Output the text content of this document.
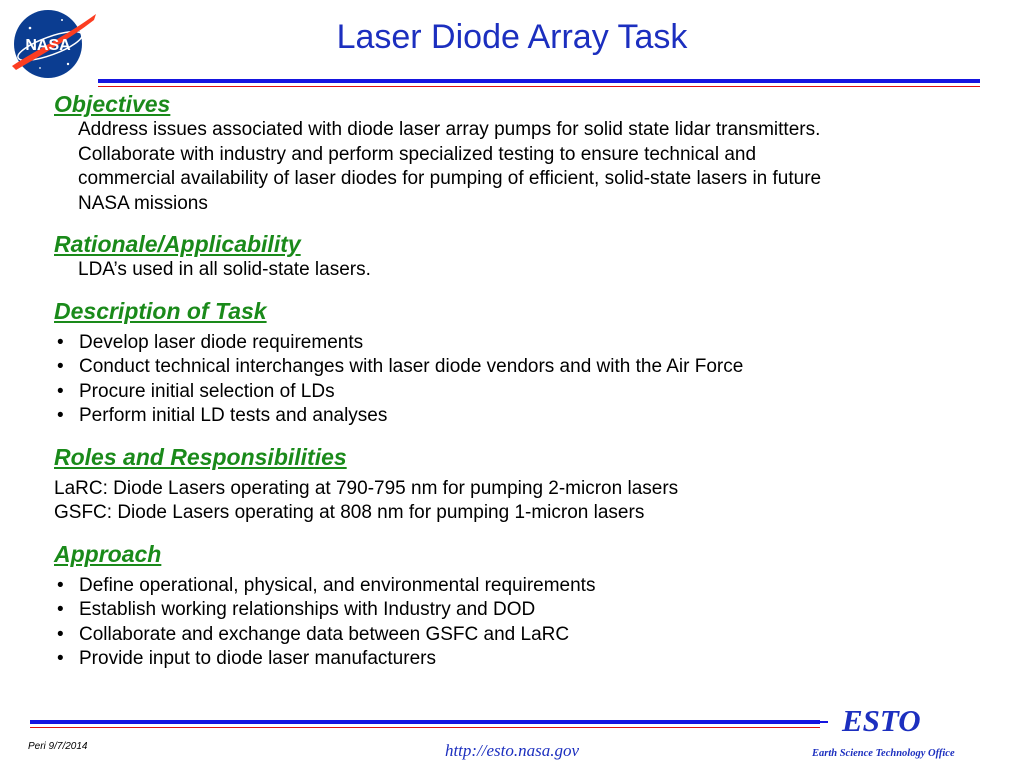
NASA	Laser Diode Array Task

Objectives

Address issues associated with diode laser array pumps for solid state lidar transmitters.

Collaborate with industry and perform specialized testing to ensure technical and

commercial availability of laser diodes for pumping of efficient, solid-state lasers in future

NASA missions

Rationale/Applicability

LDA’s used in all solid-state lasers.

Description of Task

• Develop laser diode requirements
• Conduct technical interchanges with laser diode vendors and with the Air Force
• Procure initial selection of LDs
• Perform initial LD tests and analyses

Roles and Responsibilities

LaRC: Diode Lasers operating at 790-795 nm for pumping 2-micron lasers

GSFC: Diode Lasers operating at 808 nm for pumping 1-micron lasers

Approach

• Define operational, physical, and environmental requirements
• Establish working relationships with Industry and DOD
• Collaborate and exchange data between GSFC and LaRC
• Provide input to diode laser manufacturers
Peri 9/7/2014	http://esto.nasa.gov
ESTO
Earth Science Technology Office
